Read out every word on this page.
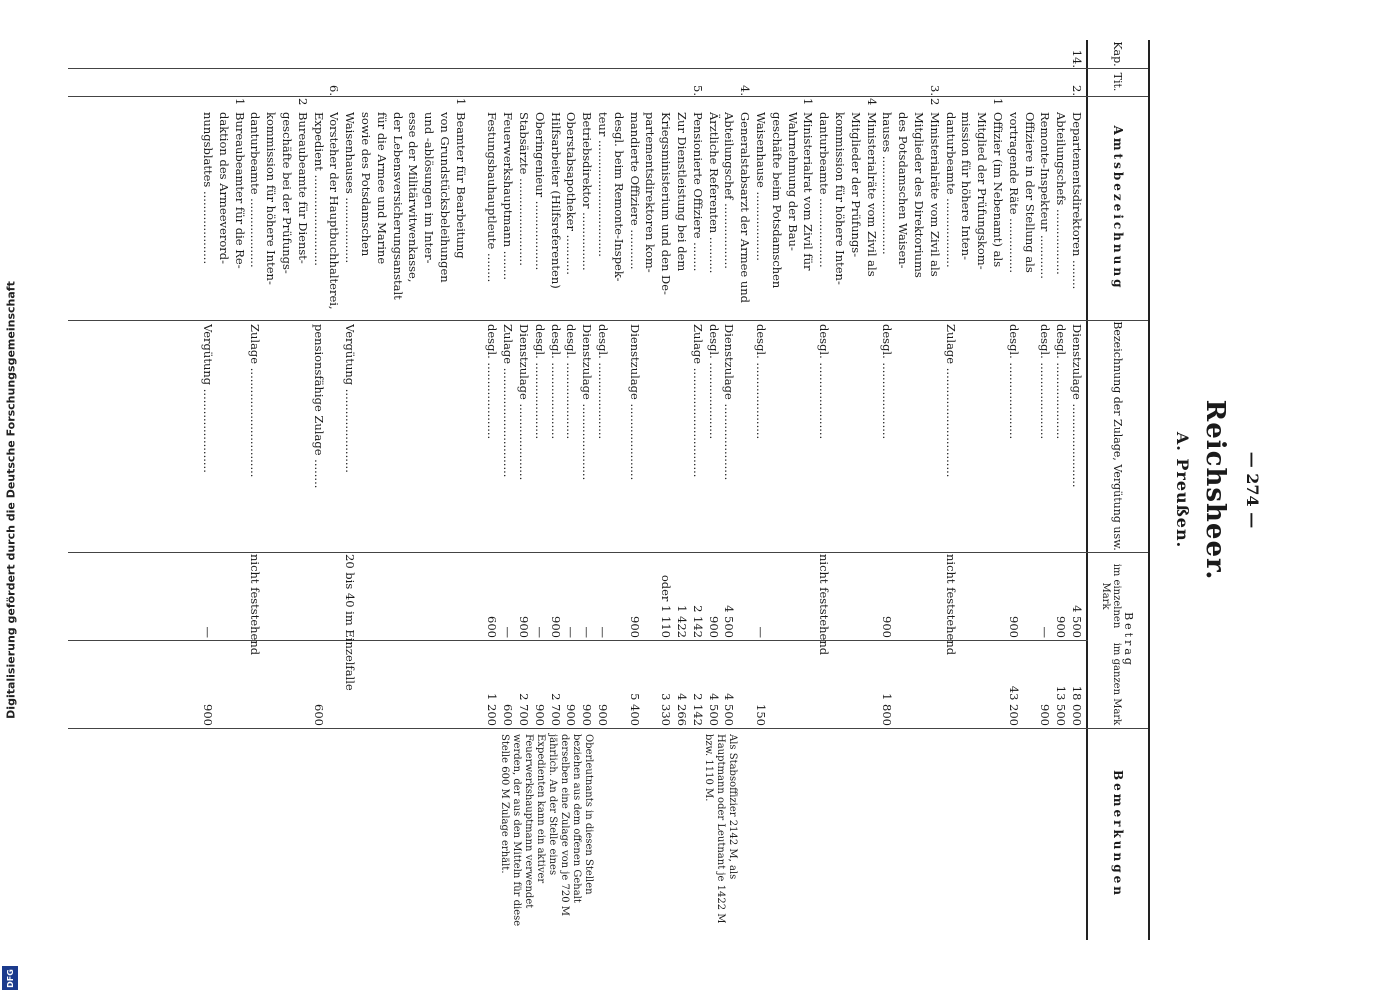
Digitalisierung gefördert durch die Deutsche Forschungsgemeinschaft
DFG
— 274 —
Reichsheer.
A. Preußen.
Kap.
Tit.
Amtsbezeichnung
Bezeichnung der Zulage, Vergütung usw.
Betrag
im einzelnen Mark
im ganzen Mark
Bemerkungen
Als Stabsoffizier 2142 M, als Hauptmann oder Leutnant je 1422 M bzw. 1110 M.
Oberleutnants in diesen Stellen beziehen aus dem offenen Gehalt derselben eine Zulage von je 720 M jährlich. An der Stelle eines Expedienten kann ein aktiver Feuerwerkshauptmann verwendet werden, der aus den Mitteln für diese Stelle 600 M Zulage erhält.
14.
2.
Departementsdirektoren ........
Dienstzulage .......................
4 500
18 000
Abteilungschefs ..................
desgl. .....................
900
13 500
Remonte-Inspekteur ............
desgl. .....................
—
900
Offiziere in der Stellung als
vortragende Räte ...............
desgl. .....................
900
43 200
1
Offizier (im Nebenamt) als
Mitglied der Prüfungskom-
mission für höhere Inten-
danturbeamte ...................
Zulage ..............................
nicht feststehend
3.
2
Ministerialräte vom Zivil als
Mitglieder des Direktoriums
des Potsdamschen Waisen-
hauses ...........................
desgl. .....................
900
1 800
4
Ministerialräte vom Zivil als
Mitglieder der Prüfungs-
kommission für höhere Inten-
danturbeamte ...................
desgl. .....................
nicht feststehend
1
Ministerialrat vom Zivil für
Wahrnehmung der Bau-
geschäfte beim Potsdamschen
Waisenhause ...................
desgl. .....................
—
150
4.
Generalstabsarzt der Armee und
Abteilungschef ..................
Dienstzulage .....................
4 500
4 500
Ärztliche Referenten ..........
desgl. .....................
900
4 500
5.
Pensionierte Offiziere ........
Zulage ..............................
2 142
2 142
Zur Dienstleistung bei dem
1 422
4 266
Kriegsministerium und den De-
oder 1 110
3 330
partementsdirektoren kom-
mandierte Offiziere ...........
Dienstzulage .....................
900
5 400
desgl. beim Remonte-Inspek-
teur ................................
desgl. .....................
—
900
Betriebsdirektor ................
Dienstzulage .....................
—
900
Oberstabsapotheker ...........
desgl. .....................
—
900
Hilfsarbeiter (Hilfsreferenten)
desgl. .....................
900
2 700
Oberingenieur ...................
desgl. .....................
—
900
Stabsärzte ........................
Dienstzulage .....................
900
2 700
Feuerwerkshauptmann ........
Zulage ..............................
—
600
Festungsbauhauptleute ........
desgl. .....................
600
1 200
1
Beamter für Bearbeitung
von Grundstücksbeleihungen
und -ablösungen im Inter-
esse der Militärwitwenkasse,
der Lebensversicherungsanstalt
für die Armee und Marine
sowie des Potsdamschen
Waisenhauses ..................
Vergütung .......................
20 bis 40 im Einzelfalle
6.
Vorsteher der Hauptbuchhalterei,
Expedient .........................
pensionsfähige Zulage ........
600
2
Bureaubeamte für Dienst-
geschäfte bei der Prüfungs-
kommission für höhere Inten-
danturbeamte ...................
Zulage ..............................
nicht feststehend
1
Bureaubeamter für die Re-
daktion des Armeeverord-
nungsblattes ....................
Vergütung .......................
—
900
